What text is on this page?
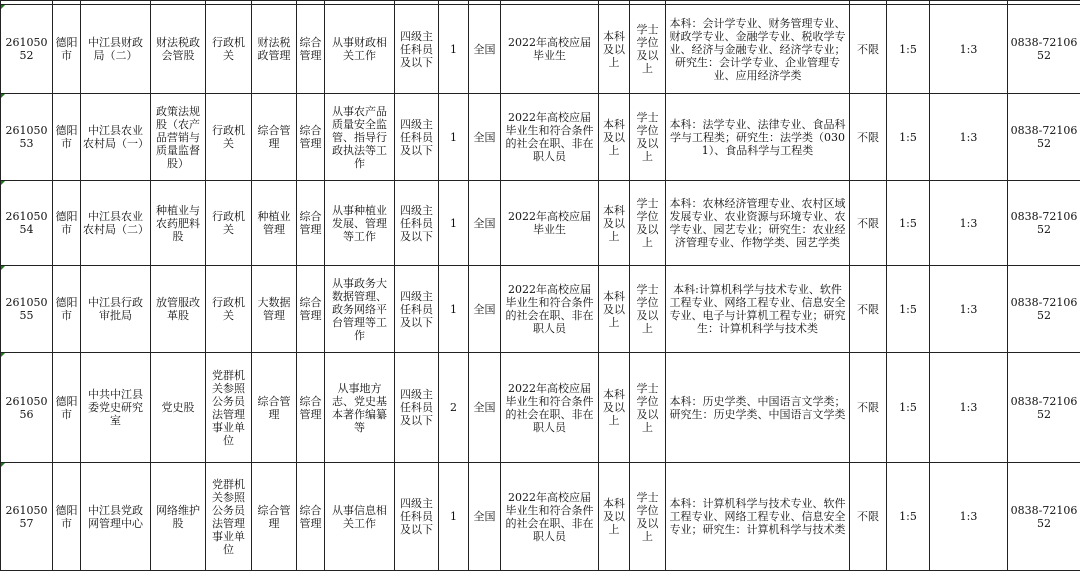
26105052	德阳市	中江县财政局（二）	财法税政会管股	行政机关	财法税政管理	综合管理	从事财政相关工作	四级主任科员及以下	1	全国	2022年高校应届毕业生	本科及以上	学士学位及以上	本科：会计学专业、财务管理专业、财政学专业、金融学专业、税收学专业、经济与金融专业、经济学专业；研究生：会计学专业、企业管理专业、应用经济学类	不限	1:5	1:3	0838-7210652
26105053	德阳市	中江县农业农村局（一）	政策法规股（农产品营销与质量监督股）	行政机关	综合管理	综合管理	从事农产品质量安全监管、指导行政执法等工作	四级主任科员及以下	1	全国	2022年高校应届毕业生和符合条件的社会在职、非在职人员	本科及以上	学士学位及以上	本科：法学专业、法律专业、食品科学与工程类；研究生：法学类（0301）、食品科学与工程类	不限	1:5	1:3	0838-7210652
26105054	德阳市	中江县农业农村局（二）	种植业与农药肥料股	行政机关	种植业管理	综合管理	从事种植业发展、管理等工作	四级主任科员及以下	1	全国	2022年高校应届毕业生	本科及以上	学士学位及以上	本科：农林经济管理专业、农村区域发展专业、农业资源与环境专业、农学专业、园艺专业；研究生：农业经济管理专业、作物学类、园艺学类	不限	1:5	1:3	0838-7210652
26105055	德阳市	中江县行政审批局	放管服改革股	行政机关	大数据管理	综合管理	从事政务大数据管理、政务网络平台管理等工作	四级主任科员及以下	1	全国	2022年高校应届毕业生和符合条件的社会在职、非在职人员	本科及以上	学士学位及以上	本科:计算机科学与技术专业、软件工程专业、网络工程专业、信息安全专业、电子与计算机工程专业；研究生：计算机科学与技术类	不限	1:5	1:3	0838-7210652
26105056	德阳市	中共中江县委党史研究室	党史股	党群机关参照公务员法管理事业单位	综合管理	综合管理	从事地方志、党史基本著作编纂等	四级主任科员及以下	2	全国	2022年高校应届毕业生和符合条件的社会在职、非在职人员	本科及以上	学士学位及以上	本科：历史学类、中国语言文学类；研究生：历史学类、中国语言文学类	不限	1:5	1:3	0838-7210652
26105057	德阳市	中江县党政网管理中心	网络维护股	党群机关参照公务员法管理事业单位	综合管理	综合管理	从事信息相关工作	四级主任科员及以下	1	全国	2022年高校应届毕业生和符合条件的社会在职、非在职人员	本科及以上	学士学位及以上	本科：计算机科学与技术专业、软件工程专业、网络工程专业、信息安全专业；研究生：计算机科学与技术类	不限	1:5	1:3	0838-7210652
